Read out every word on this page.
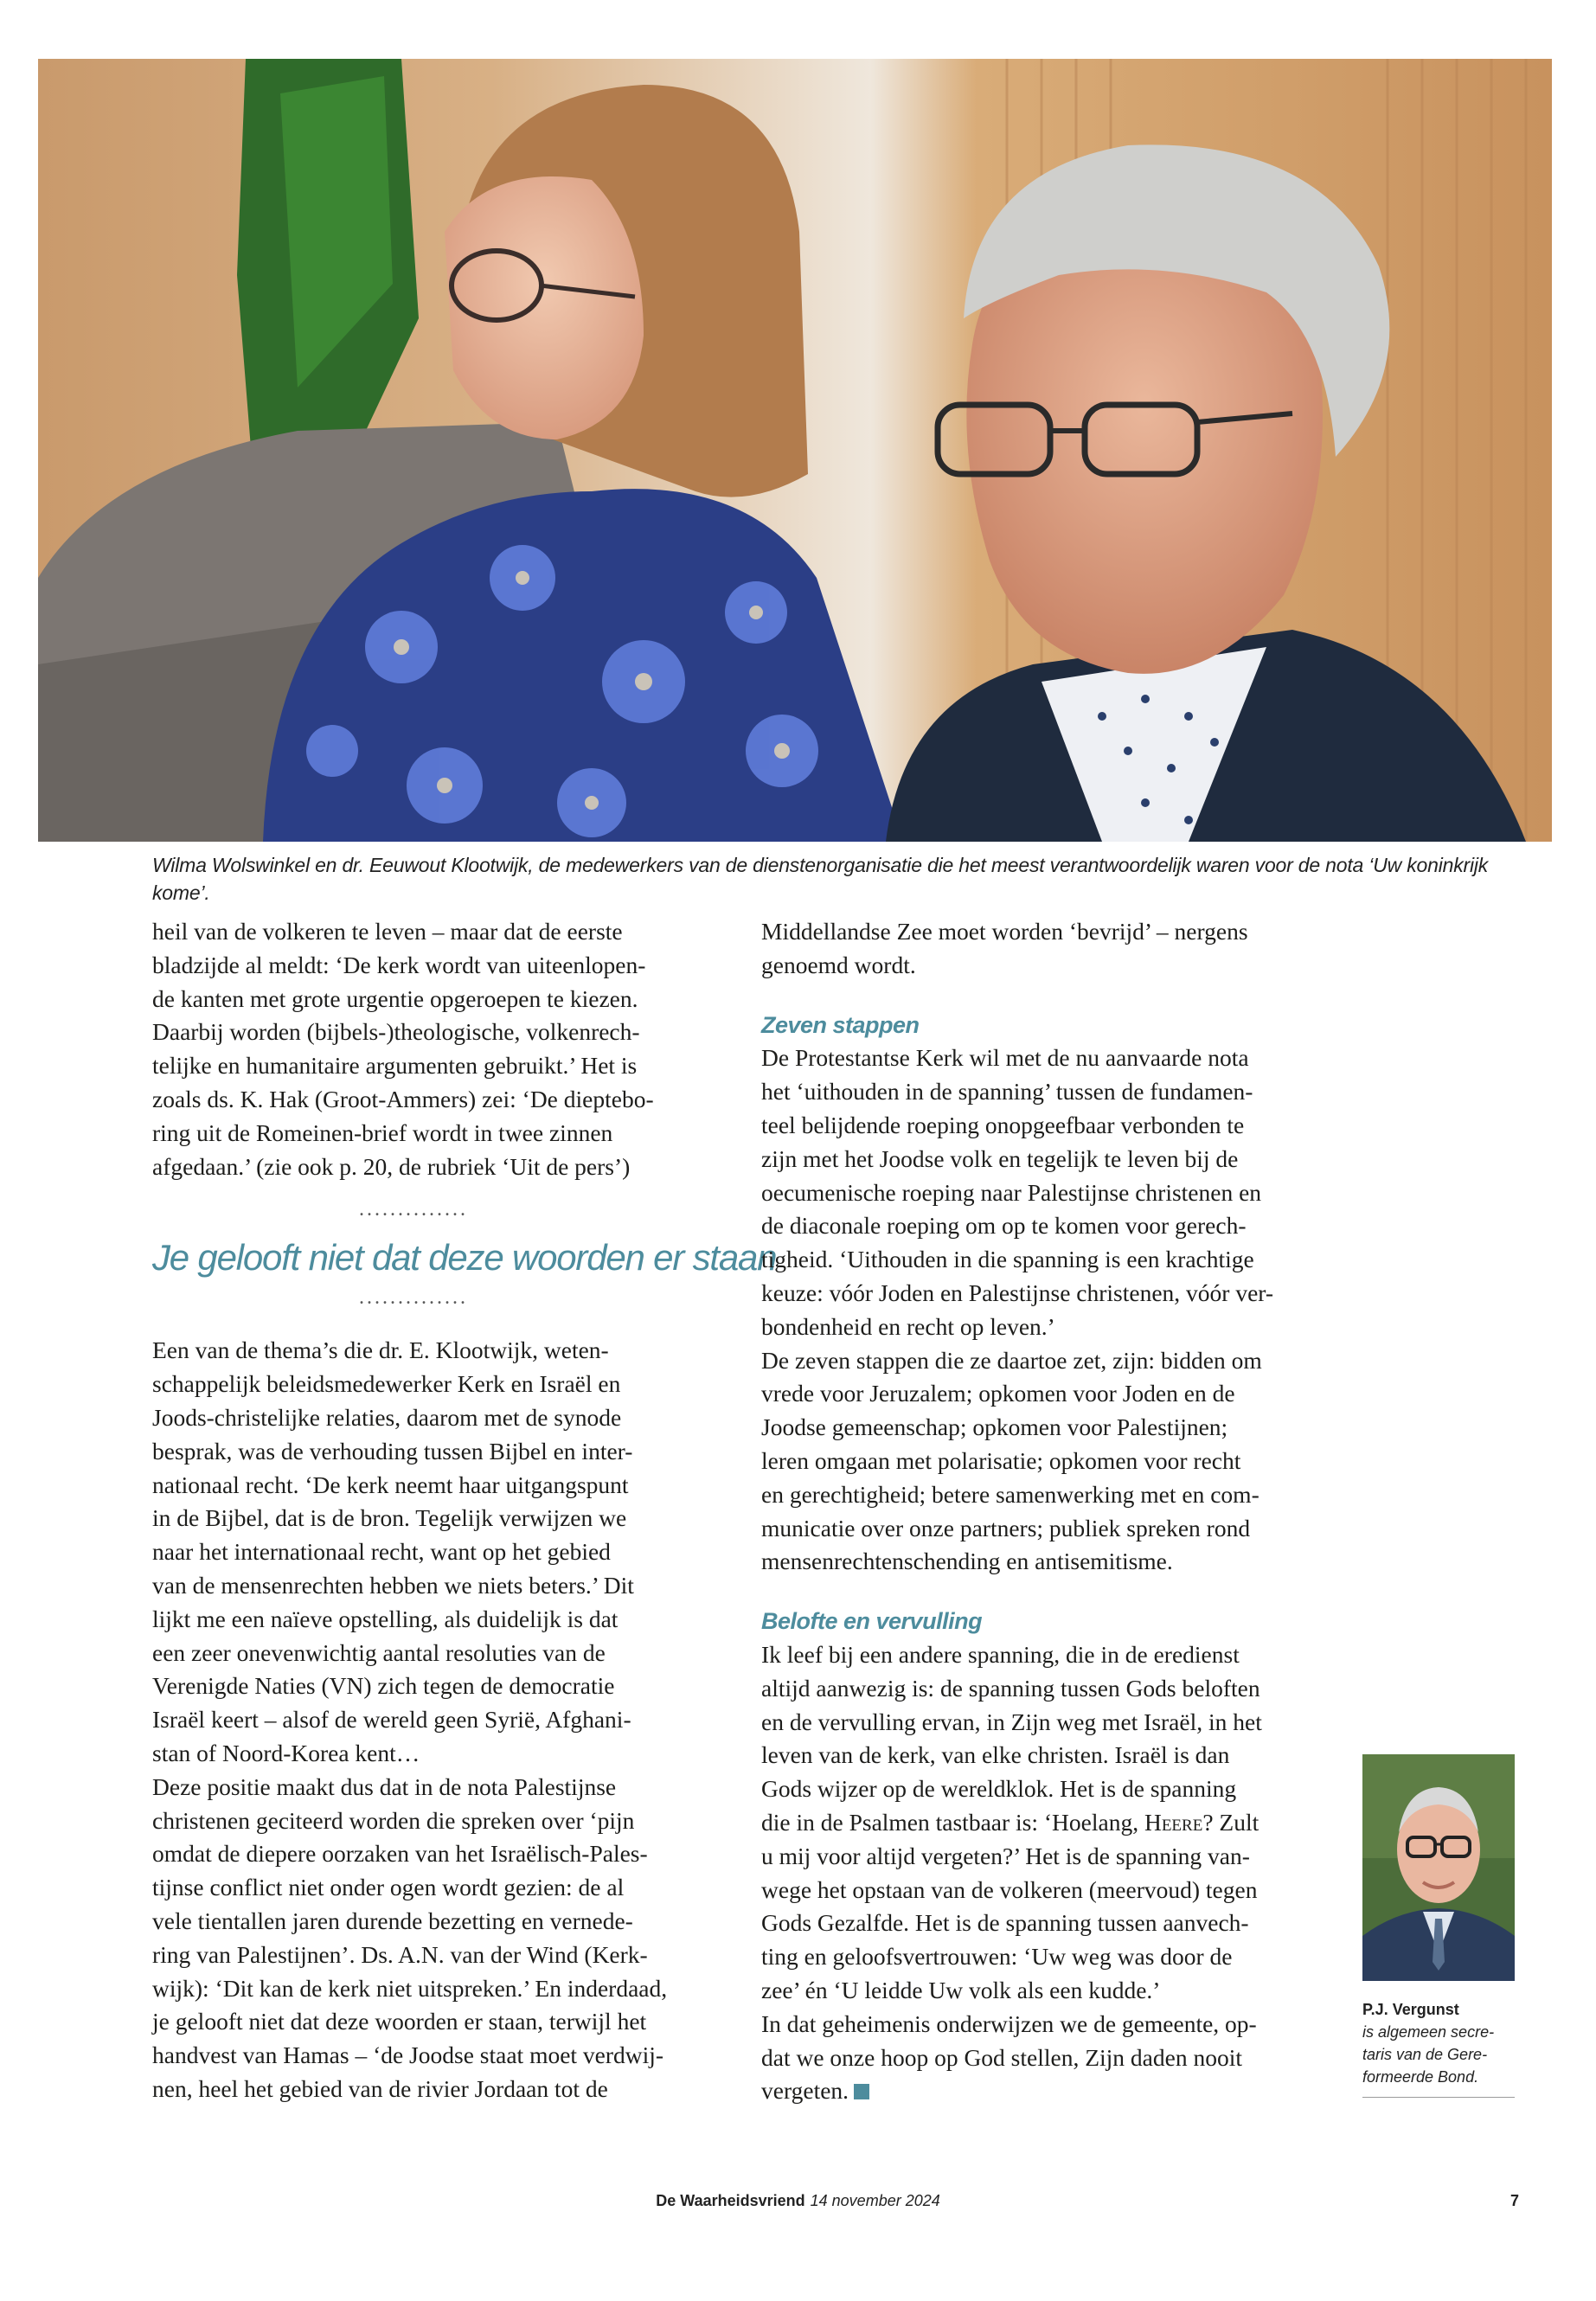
Wilma Wolswinkel en dr. Eeuwout Klootwijk, de medewerkers van de dienstenorganisatie die het meest verantwoordelijk waren voor de nota ‘Uw koninkrijk kome’.

heil van de volkeren te leven – maar dat de eerste
bladzijde al meldt: ‘De kerk wordt van uiteenlopen-
de kanten met grote urgentie opgeroepen te kiezen.
Daarbij worden (bijbels-)theologische, volkenrech-
telijke en humanitaire argumenten gebruikt.’ Het is
zoals ds. K. Hak (Groot-Ammers) zei: ‘De dieptebo-
ring uit de Romeinen-brief wordt in twee zinnen
afgedaan.’ (zie ook p. 20, de rubriek ‘Uit de pers’)

..............
Je gelooft niet dat deze woorden er staan
..............

Een van de thema’s die dr. E. Klootwijk, weten-
schappelijk beleidsmedewerker Kerk en Israël en
Joods-christelijke relaties, daarom met de synode
besprak, was de verhouding tussen Bijbel en inter-
nationaal recht. ‘De kerk neemt haar uitgangspunt
in de Bijbel, dat is de bron. Tegelijk verwijzen we
naar het internationaal recht, want op het gebied
van de mensenrechten hebben we niets beters.’ Dit
lijkt me een naïeve opstelling, als duidelijk is dat
een zeer onevenwichtig aantal resoluties van de
Verenigde Naties (VN) zich tegen de democratie
Israël keert – alsof de wereld geen Syrië, Afghani-
stan of Noord-Korea kent…
Deze positie maakt dus dat in de nota Palestijnse
christenen geciteerd worden die spreken over ‘pijn
omdat de diepere oorzaken van het Israëlisch-Pales-
tijnse conflict niet onder ogen wordt gezien: de al
vele tientallen jaren durende bezetting en vernede-
ring van Palestijnen’. Ds. A.N. van der Wind (Kerk-
wijk): ‘Dit kan de kerk niet uitspreken.’ En inderdaad,
je gelooft niet dat deze woorden er staan, terwijl het
handvest van Hamas – ‘de Joodse staat moet verdwij-
nen, heel het gebied van de rivier Jordaan tot de

Middellandse Zee moet worden ‘bevrijd’ – nergens
genoemd wordt.

Zeven stappen

De Protestantse Kerk wil met de nu aanvaarde nota
het ‘uithouden in de spanning’ tussen de fundamen-
teel belijdende roeping onopgeefbaar verbonden te
zijn met het Joodse volk en tegelijk te leven bij de
oecumenische roeping naar Palestijnse christenen en
de diaconale roeping om op te komen voor gerech-
tigheid. ‘Uithouden in die spanning is een krachtige
keuze: vóór Joden en Palestijnse christenen, vóór ver-
bondenheid en recht op leven.’
De zeven stappen die ze daartoe zet, zijn: bidden om
vrede voor Jeruzalem; opkomen voor Joden en de
Joodse gemeenschap; opkomen voor Palestijnen;
leren omgaan met polarisatie; opkomen voor recht
en gerechtigheid; betere samenwerking met en com-
municatie over onze partners; publiek spreken rond
mensenrechtenschending en antisemitisme.

Belofte en vervulling

Ik leef bij een andere spanning, die in de eredienst
altijd aanwezig is: de spanning tussen Gods beloften
en de vervulling ervan, in Zijn weg met Israël, in het
leven van de kerk, van elke christen. Israël is dan
Gods wijzer op de wereldklok. Het is de spanning
die in de Psalmen tastbaar is: ‘Hoelang, Heere? Zult
u mij voor altijd vergeten?’ Het is de spanning van-
wege het opstaan van de volkeren (meervoud) tegen
Gods Gezalfde. Het is de spanning tussen aanvech-
ting en geloofsvertrouwen: ‘Uw weg was door de
zee’ én ‘U leidde Uw volk als een kudde.’
In dat geheimenis onderwijzen we de gemeente, op-
dat we onze hoop op God stellen, Zijn daden nooit
vergeten.

P.J. Vergunst
is algemeen secre-
taris van de Gere-
formeerde Bond.
De Waarheidsvriend 14 november 2024	7
